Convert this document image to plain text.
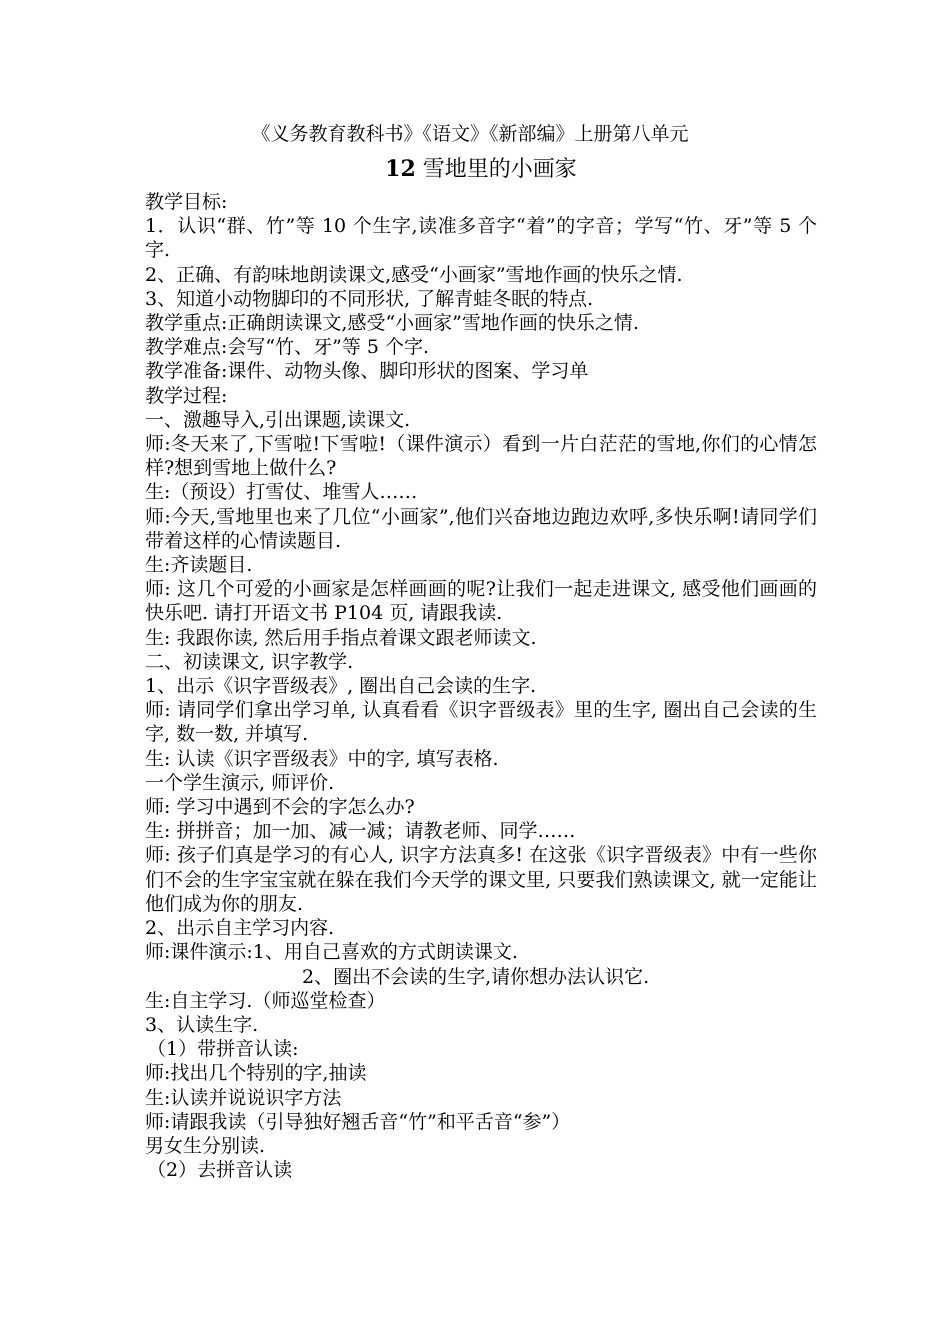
《义务教育教科书》《语文》《新部编》上册第八单元
12 雪地里的小画家

教学目标:

1．认识“群、竹”等 10 个生字,读准多音字“着”的字音；学写“竹、牙”等 5 个字.

2、正确、有韵味地朗读课文,感受“小画家”雪地作画的快乐之情.

3、知道小动物脚印的不同形状, 了解青蛙冬眠的特点.

教学重点:正确朗读课文,感受“小画家”雪地作画的快乐之情.

教学难点:会写“竹、牙”等 5 个字.

教学准备:课件、动物头像、脚印形状的图案、学习单

教学过程:

一、激趣导入,引出课题,读课文.

师:冬天来了,下雪啦!下雪啦!（课件演示）看到一片白茫茫的雪地,你们的心情怎样?想到雪地上做什么?

生:（预设）打雪仗、堆雪人……

师:今天,雪地里也来了几位“小画家”,他们兴奋地边跑边欢呼,多快乐啊!请同学们带着这样的心情读题目.

生:齐读题目.

师: 这几个可爱的小画家是怎样画画的呢?让我们一起走进课文, 感受他们画画的快乐吧. 请打开语文书 P104 页, 请跟我读.

生: 我跟你读, 然后用手指点着课文跟老师读文.

二、初读课文, 识字教学.

1、出示《识字晋级表》, 圈出自己会读的生字.

师: 请同学们拿出学习单, 认真看看《识字晋级表》里的生字, 圈出自己会读的生字, 数一数, 并填写.

生: 认读《识字晋级表》中的字, 填写表格.

一个学生演示, 师评价.

师: 学习中遇到不会的字怎么办?

生: 拼拼音；加一加、减一减；请教老师、同学……

师: 孩子们真是学习的有心人, 识字方法真多! 在这张《识字晋级表》中有一些你们不会的生字宝宝就在躲在我们今天学的课文里, 只要我们熟读课文, 就一定能让他们成为你的朋友.

2、出示自主学习内容.

师:课件演示:1、用自己喜欢的方式朗读课文.

2、圈出不会读的生字,请你想办法认识它.

生:自主学习.（师巡堂检查）

3、认读生字.

（1）带拼音认读:

师:找出几个特别的字,抽读

生:认读并说说识字方法

师:请跟我读（引导独好翘舌音“竹”和平舌音“参”）

男女生分别读.

（2）去拼音认读
